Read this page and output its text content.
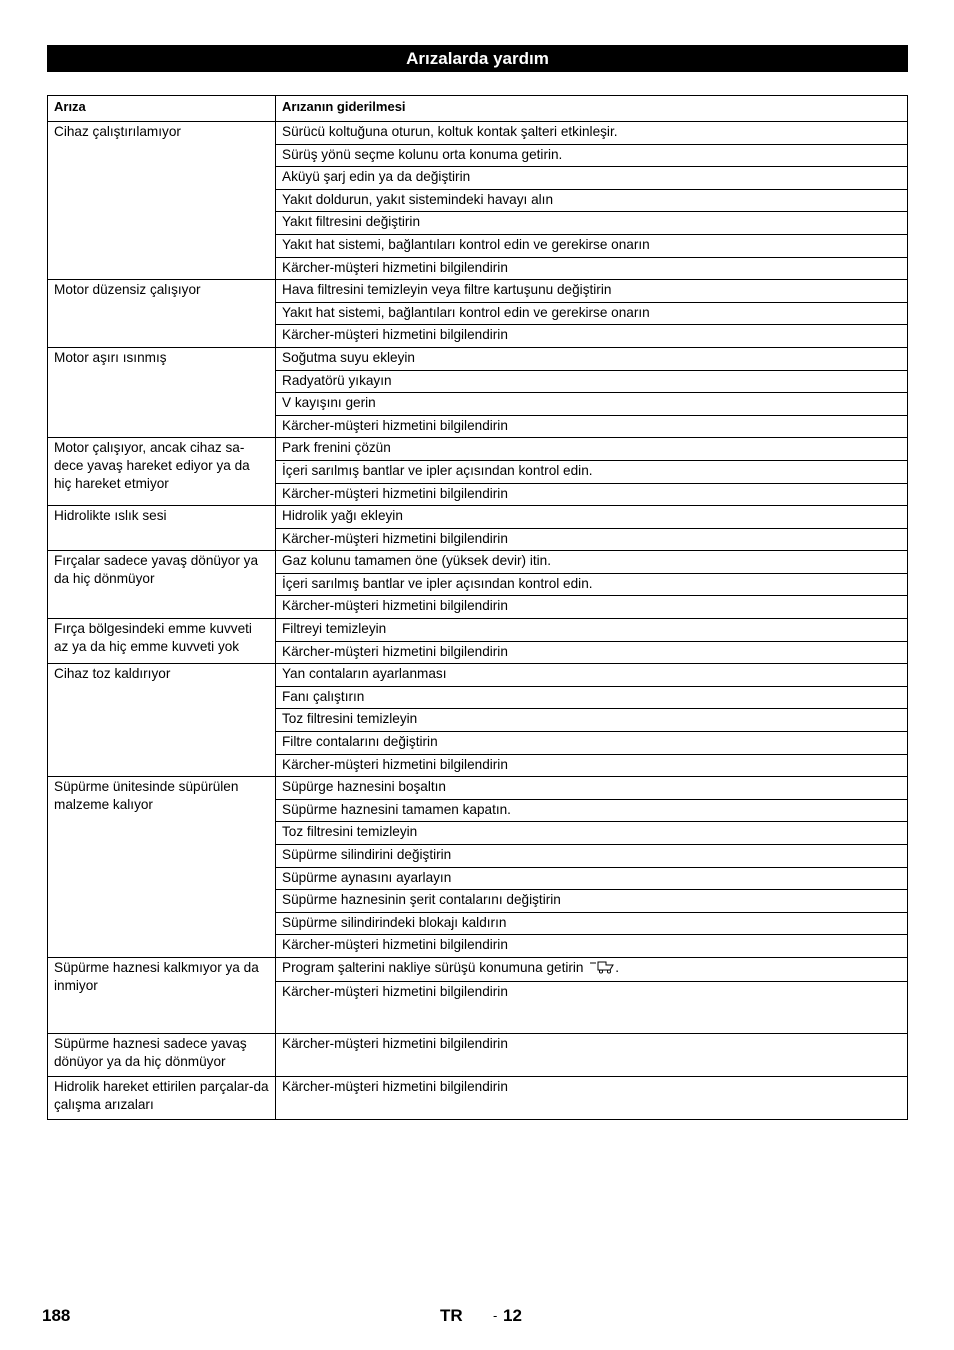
Arızalarda yardım
Arıza	Arızanın giderilmesi
Cihaz çalıştırılamıyor	Sürücü koltuğuna oturun, koltuk kontak şalteri etkinleşir.
	Sürüş yönü seçme kolunu orta konuma getirin.
	Aküyü şarj edin ya da değiştirin
	Yakıt doldurun, yakıt sistemindeki havayı alın
	Yakıt filtresini değiştirin
	Yakıt hat sistemi, bağlantıları kontrol edin ve gerekirse onarın
	Kärcher-müşteri hizmetini bilgilendirin
Motor düzensiz çalışıyor	Hava filtresini temizleyin veya filtre kartuşunu değiştirin
	Yakıt hat sistemi, bağlantıları kontrol edin ve gerekirse onarın
	Kärcher-müşteri hizmetini bilgilendirin
Motor aşırı ısınmış	Soğutma suyu ekleyin
	Radyatörü yıkayın
	V kayışını gerin
	Kärcher-müşteri hizmetini bilgilendirin
Motor çalışıyor, ancak cihaz sa-dece yavaş hareket ediyor ya da hiç hareket etmiyor	Park frenini çözün
	İçeri sarılmış bantlar ve ipler açısından kontrol edin.
	Kärcher-müşteri hizmetini bilgilendirin
Hidrolikte ıslık sesi	Hidrolik yağı ekleyin
	Kärcher-müşteri hizmetini bilgilendirin
Fırçalar sadece yavaş dönüyor ya da hiç dönmüyor	Gaz kolunu tamamen öne (yüksek devir) itin.
	İçeri sarılmış bantlar ve ipler açısından kontrol edin.
	Kärcher-müşteri hizmetini bilgilendirin
Fırça bölgesindeki emme kuvveti az ya da hiç emme kuvveti yok	Filtreyi temizleyin
	Kärcher-müşteri hizmetini bilgilendirin
Cihaz toz kaldırıyor	Yan contaların ayarlanması
	Fanı çalıştırın
	Toz filtresini temizleyin
	Filtre contalarını değiştirin
	Kärcher-müşteri hizmetini bilgilendirin
Süpürme ünitesinde süpürülen malzeme kalıyor	Süpürge haznesini boşaltın
	Süpürme haznesini tamamen kapatın.
	Toz filtresini temizleyin
	Süpürme silindirini değiştirin
	Süpürme aynasını ayarlayın
	Süpürme haznesinin şerit contalarını değiştirin
	Süpürme silindirindeki blokajı kaldırın
	Kärcher-müşteri hizmetini bilgilendirin
Süpürme haznesi kalkmıyor ya da inmiyor	Program şalterini nakliye sürüşü konumuna getirin .
	Kärcher-müşteri hizmetini bilgilendirin
Süpürme haznesi sadece yavaş dönüyor ya da hiç dönmüyor	Kärcher-müşteri hizmetini bilgilendirin
Hidrolik hareket ettirilen parçalar-da çalışma arızaları	Kärcher-müşteri hizmetini bilgilendirin
188	TR - 12
